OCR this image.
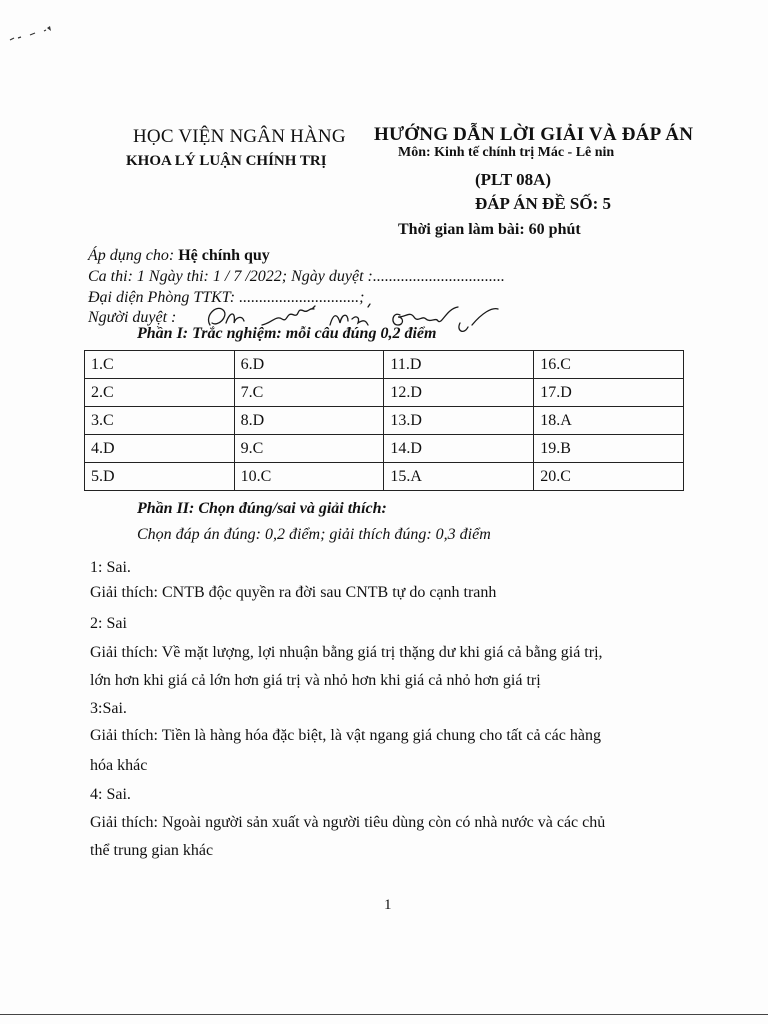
HỌC VIỆN NGÂN HÀNG
KHOA LÝ LUẬN CHÍNH TRỊ
HƯỚNG DẪN LỜI GIẢI VÀ ĐÁP ÁN
Môn: Kinh tế chính trị Mác - Lê nin
(PLT 08A)
ĐÁP ÁN ĐỀ SỐ: 5
Thời gian làm bài: 60 phút
Áp dụng cho: Hệ chính quy
Ca thi: 1 Ngày thi: 1 / 7 /2022; Ngày duyệt :.................................
Đại diện Phòng TTKT: ..............................;
Người duyệt :
Phần I: Trắc nghiệm: mỗi câu đúng 0,2 điểm
1.C	6.D	11.D	16.C
2.C	7.C	12.D	17.D
3.C	8.D	13.D	18.A
4.D	9.C	14.D	19.B
5.D	10.C	15.A	20.C
Phần II: Chọn đúng/sai và giải thích:
Chọn đáp án đúng: 0,2 điểm; giải thích đúng: 0,3 điểm
1: Sai.
Giải thích: CNTB độc quyền ra đời sau CNTB tự do cạnh tranh
2: Sai
Giải thích: Về mặt lượng, lợi nhuận bằng giá trị thặng dư khi giá cả bằng giá trị,
lớn hơn khi giá cả lớn hơn giá trị và nhỏ hơn khi giá cả nhỏ hơn giá trị
3:Sai.
Giải thích: Tiền là hàng hóa đặc biệt, là vật ngang giá chung cho tất cả các hàng
hóa khác
4: Sai.
Giải thích: Ngoài người sản xuất và người tiêu dùng còn có nhà nước và các chủ
thể trung gian khác
1
